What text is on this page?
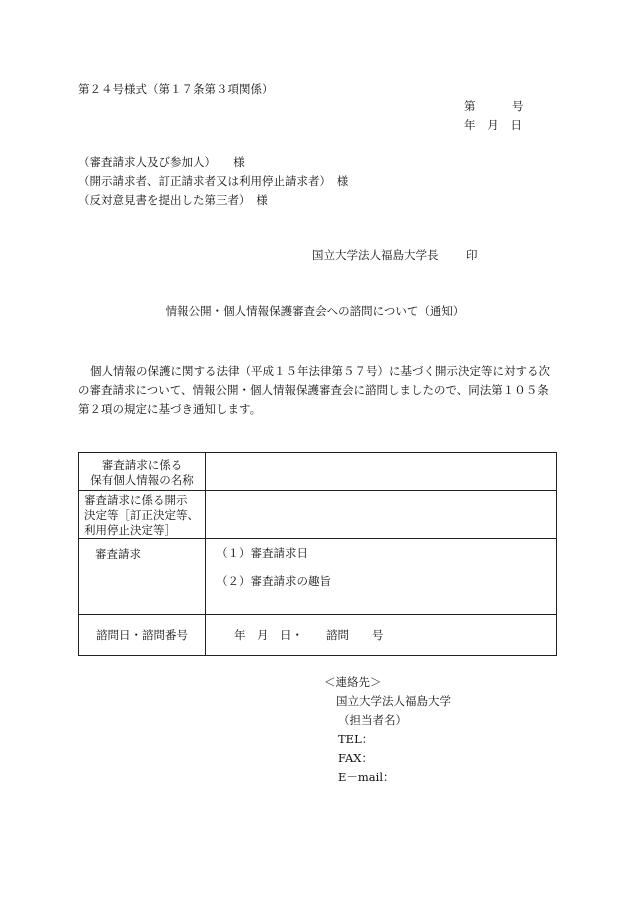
第２４号様式（第１７条第３項関係）
第	号
年 月 日
（審査請求人及び参加人）　　様
（開示請求者、訂正請求者又は利用停止請求者）　様
（反対意見書を提出した第三者）　様
国立大学法人福島大学長 印
情報公開・個人情報保護審査会への諮問について（通知）
個人情報の保護に関する法律（平成１５年法律第５７号）に基づく開示決定等に対する次の審査請求について、情報公開・個人情報保護審査会に諮問しましたので、同法第１０５条第２項の規定に基づき通知します。
審査請求に係る
保有個人情報の名称	

審査請求に係る開示
決定等［訂正決定等、
利用停止決定等］	

審査請求	（１）審査請求日
（２）審査請求の趣旨

諮問日・諮問番号	年　月　日・　　諮問　　号
＜連絡先＞
国立大学法人福島大学
（担当者名）
TEL：
FAX：
E－mail：
